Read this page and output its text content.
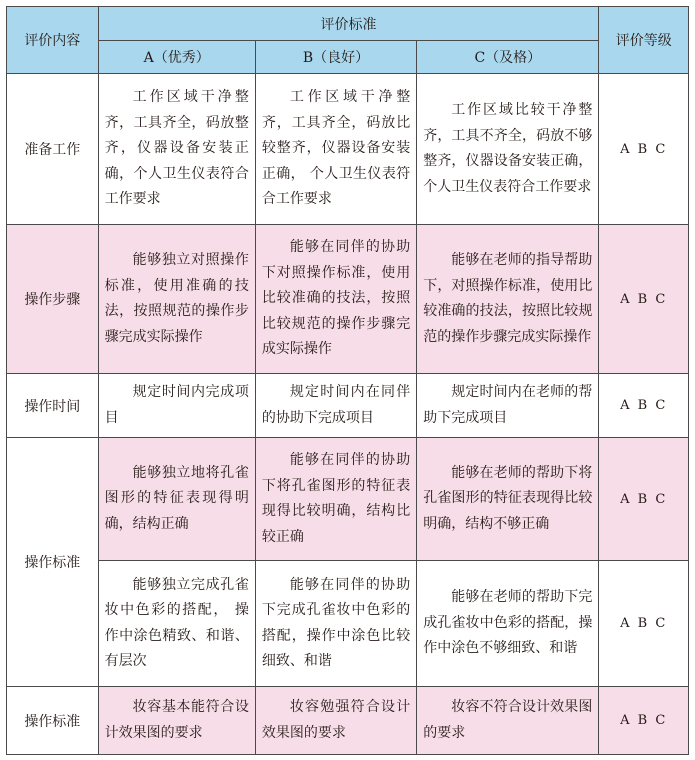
评价内容	评价标准			评价等级
	A（优秀）	B（良好）	C（及格）	
准备工作	工作区域干净整齐，工具齐全，码放整齐，仪器设备安装正确，个人卫生仪表符合工作要求	工作区域干净整齐，工具齐全，码放比较整齐，仪器设备安装正确， 个人卫生仪表符合工作要求	工作区域比较干净整齐，工具不齐全，码放不够整齐，仪器设备安装正确，个人卫生仪表符合工作要求	A B C
操作步骤	能够独立对照操作标准，使用准确的技法，按照规范的操作步骤完成实际操作	能够在同伴的协助下对照操作标准，使用比较准确的技法，按照比较规范的操作步骤完成实际操作	能够在老师的指导帮助下，对照操作标准，使用比较准确的技法，按照比较规范的操作步骤完成实际操作	A B C
操作时间	规定时间内完成项目	规定时间内在同伴的协助下完成项目	规定时间内在老师的帮助下完成项目	A B C
操作标准	能够独立地将孔雀图形的特征表现得明确，结构正确	能够在同伴的协助下将孔雀图形的特征表现得比较明确，结构比较正确	能够在老师的帮助下将孔雀图形的特征表现得比较明确，结构不够正确	A B C

	能够独立完成孔雀妆中色彩的搭配， 操作中涂色精致、和谐、有层次	能够在同伴的协助下完成孔雀妆中色彩的搭配，操作中涂色比较细致、和谐	能够在老师的帮助下完成孔雀妆中色彩的搭配，操作中涂色不够细致、和谐	A B C
操作标准	妆容基本能符合设计效果图的要求	妆容勉强符合设计效果图的要求	妆容不符合设计效果图的要求	A B C
